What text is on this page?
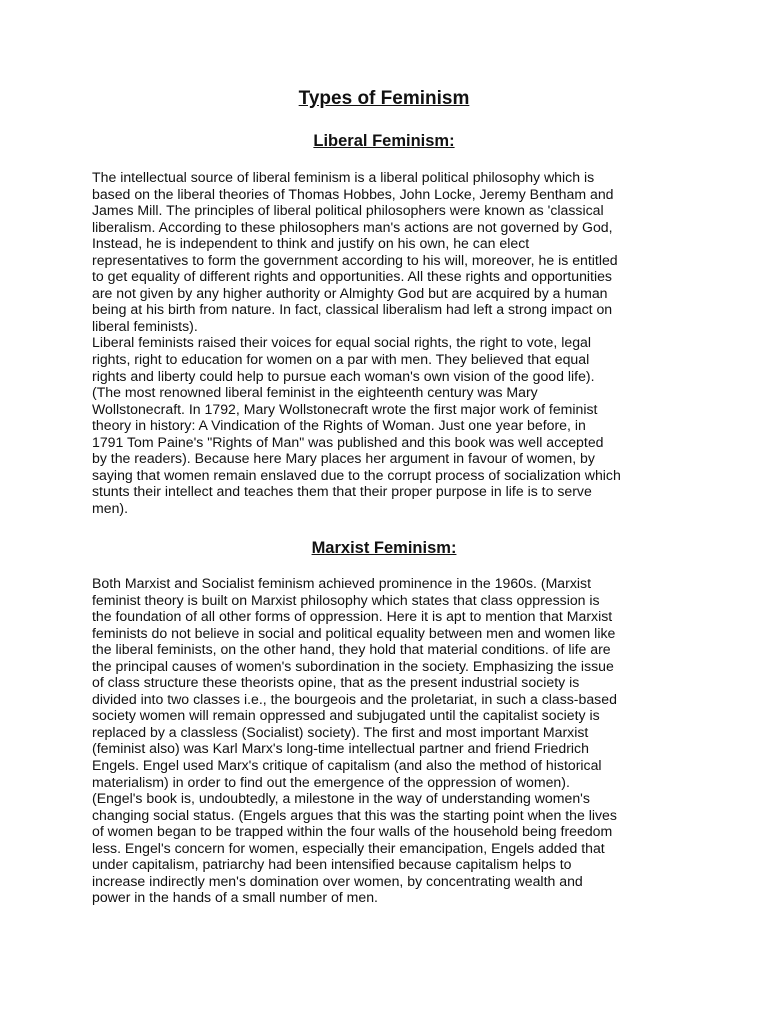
Types of Feminism
Liberal Feminism:

The intellectual source of liberal feminism is a liberal political philosophy which is
based on the liberal theories of Thomas Hobbes, John Locke, Jeremy Bentham and
James Mill. The principles of liberal political philosophers were known as 'classical
liberalism. According to these philosophers man's actions are not governed by God,
Instead, he is independent to think and justify on his own, he can elect
representatives to form the government according to his will, moreover, he is entitled
to get equality of different rights and opportunities. All these rights and opportunities
are not given by any higher authority or Almighty God but are acquired by a human
being at his birth from nature. In fact, classical liberalism had left a strong impact on
liberal feminists).
Liberal feminists raised their voices for equal social rights, the right to vote, legal
rights, right to education for women on a par with men. They believed that equal
rights and liberty could help to pursue each woman's own vision of the good life).
(The most renowned liberal feminist in the eighteenth century was Mary
Wollstonecraft. In 1792, Mary Wollstonecraft wrote the first major work of feminist
theory in history: A Vindication of the Rights of Woman. Just one year before, in
1791 Tom Paine's "Rights of Man" was published and this book was well accepted
by the readers). Because here Mary places her argument in favour of women, by
saying that women remain enslaved due to the corrupt process of socialization which
stunts their intellect and teaches them that their proper purpose in life is to serve
men).

Marxist Feminism:

Both Marxist and Socialist feminism achieved prominence in the 1960s. (Marxist
feminist theory is built on Marxist philosophy which states that class oppression is
the foundation of all other forms of oppression. Here it is apt to mention that Marxist
feminists do not believe in social and political equality between men and women like
the liberal feminists, on the other hand, they hold that material conditions. of life are
the principal causes of women's subordination in the society. Emphasizing the issue
of class structure these theorists opine, that as the present industrial society is
divided into two classes i.e., the bourgeois and the proletariat, in such a class-based
society women will remain oppressed and subjugated until the capitalist society is
replaced by a classless (Socialist) society). The first and most important Marxist
(feminist also) was Karl Marx's long-time intellectual partner and friend Friedrich
Engels. Engel used Marx's critique of capitalism (and also the method of historical
materialism) in order to find out the emergence of the oppression of women).
(Engel's book is, undoubtedly, a milestone in the way of understanding women's
changing social status. (Engels argues that this was the starting point when the lives
of women began to be trapped within the four walls of the household being freedom
less. Engel's concern for women, especially their emancipation, Engels added that
under capitalism, patriarchy had been intensified because capitalism helps to
increase indirectly men's domination over women, by concentrating wealth and
power in the hands of a small number of men.
